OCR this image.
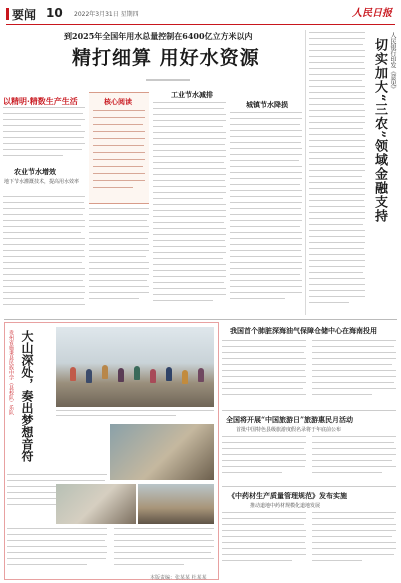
要闻 10 2022年3月31日 星期四	人民日报
到2025年全国年用水总量控制在6400亿立方米以内
精打细算 用好水资源
以精明·精数生产生活
农业节水增效
地下节水灌溉技术，提高用水效率
核心阅读
工业节水减排
城镇节水降损
人民银行印发《意见》
切实加大“三农”领域金融支持
贵州省施秉县民族中学（县校队）乐队 大山深处，奏出梦想音符	我国首个肺脏深海油气保障仓储中心在海南投用
全国将开展“中国旅游日”旅游惠民月活动
首批中国特色县级旅游度假名录将于年底前公布
《中药材生产质量管理规范》发布实施
推动道地中药材规模化道地发展
本版责编：张某某 杜某某
